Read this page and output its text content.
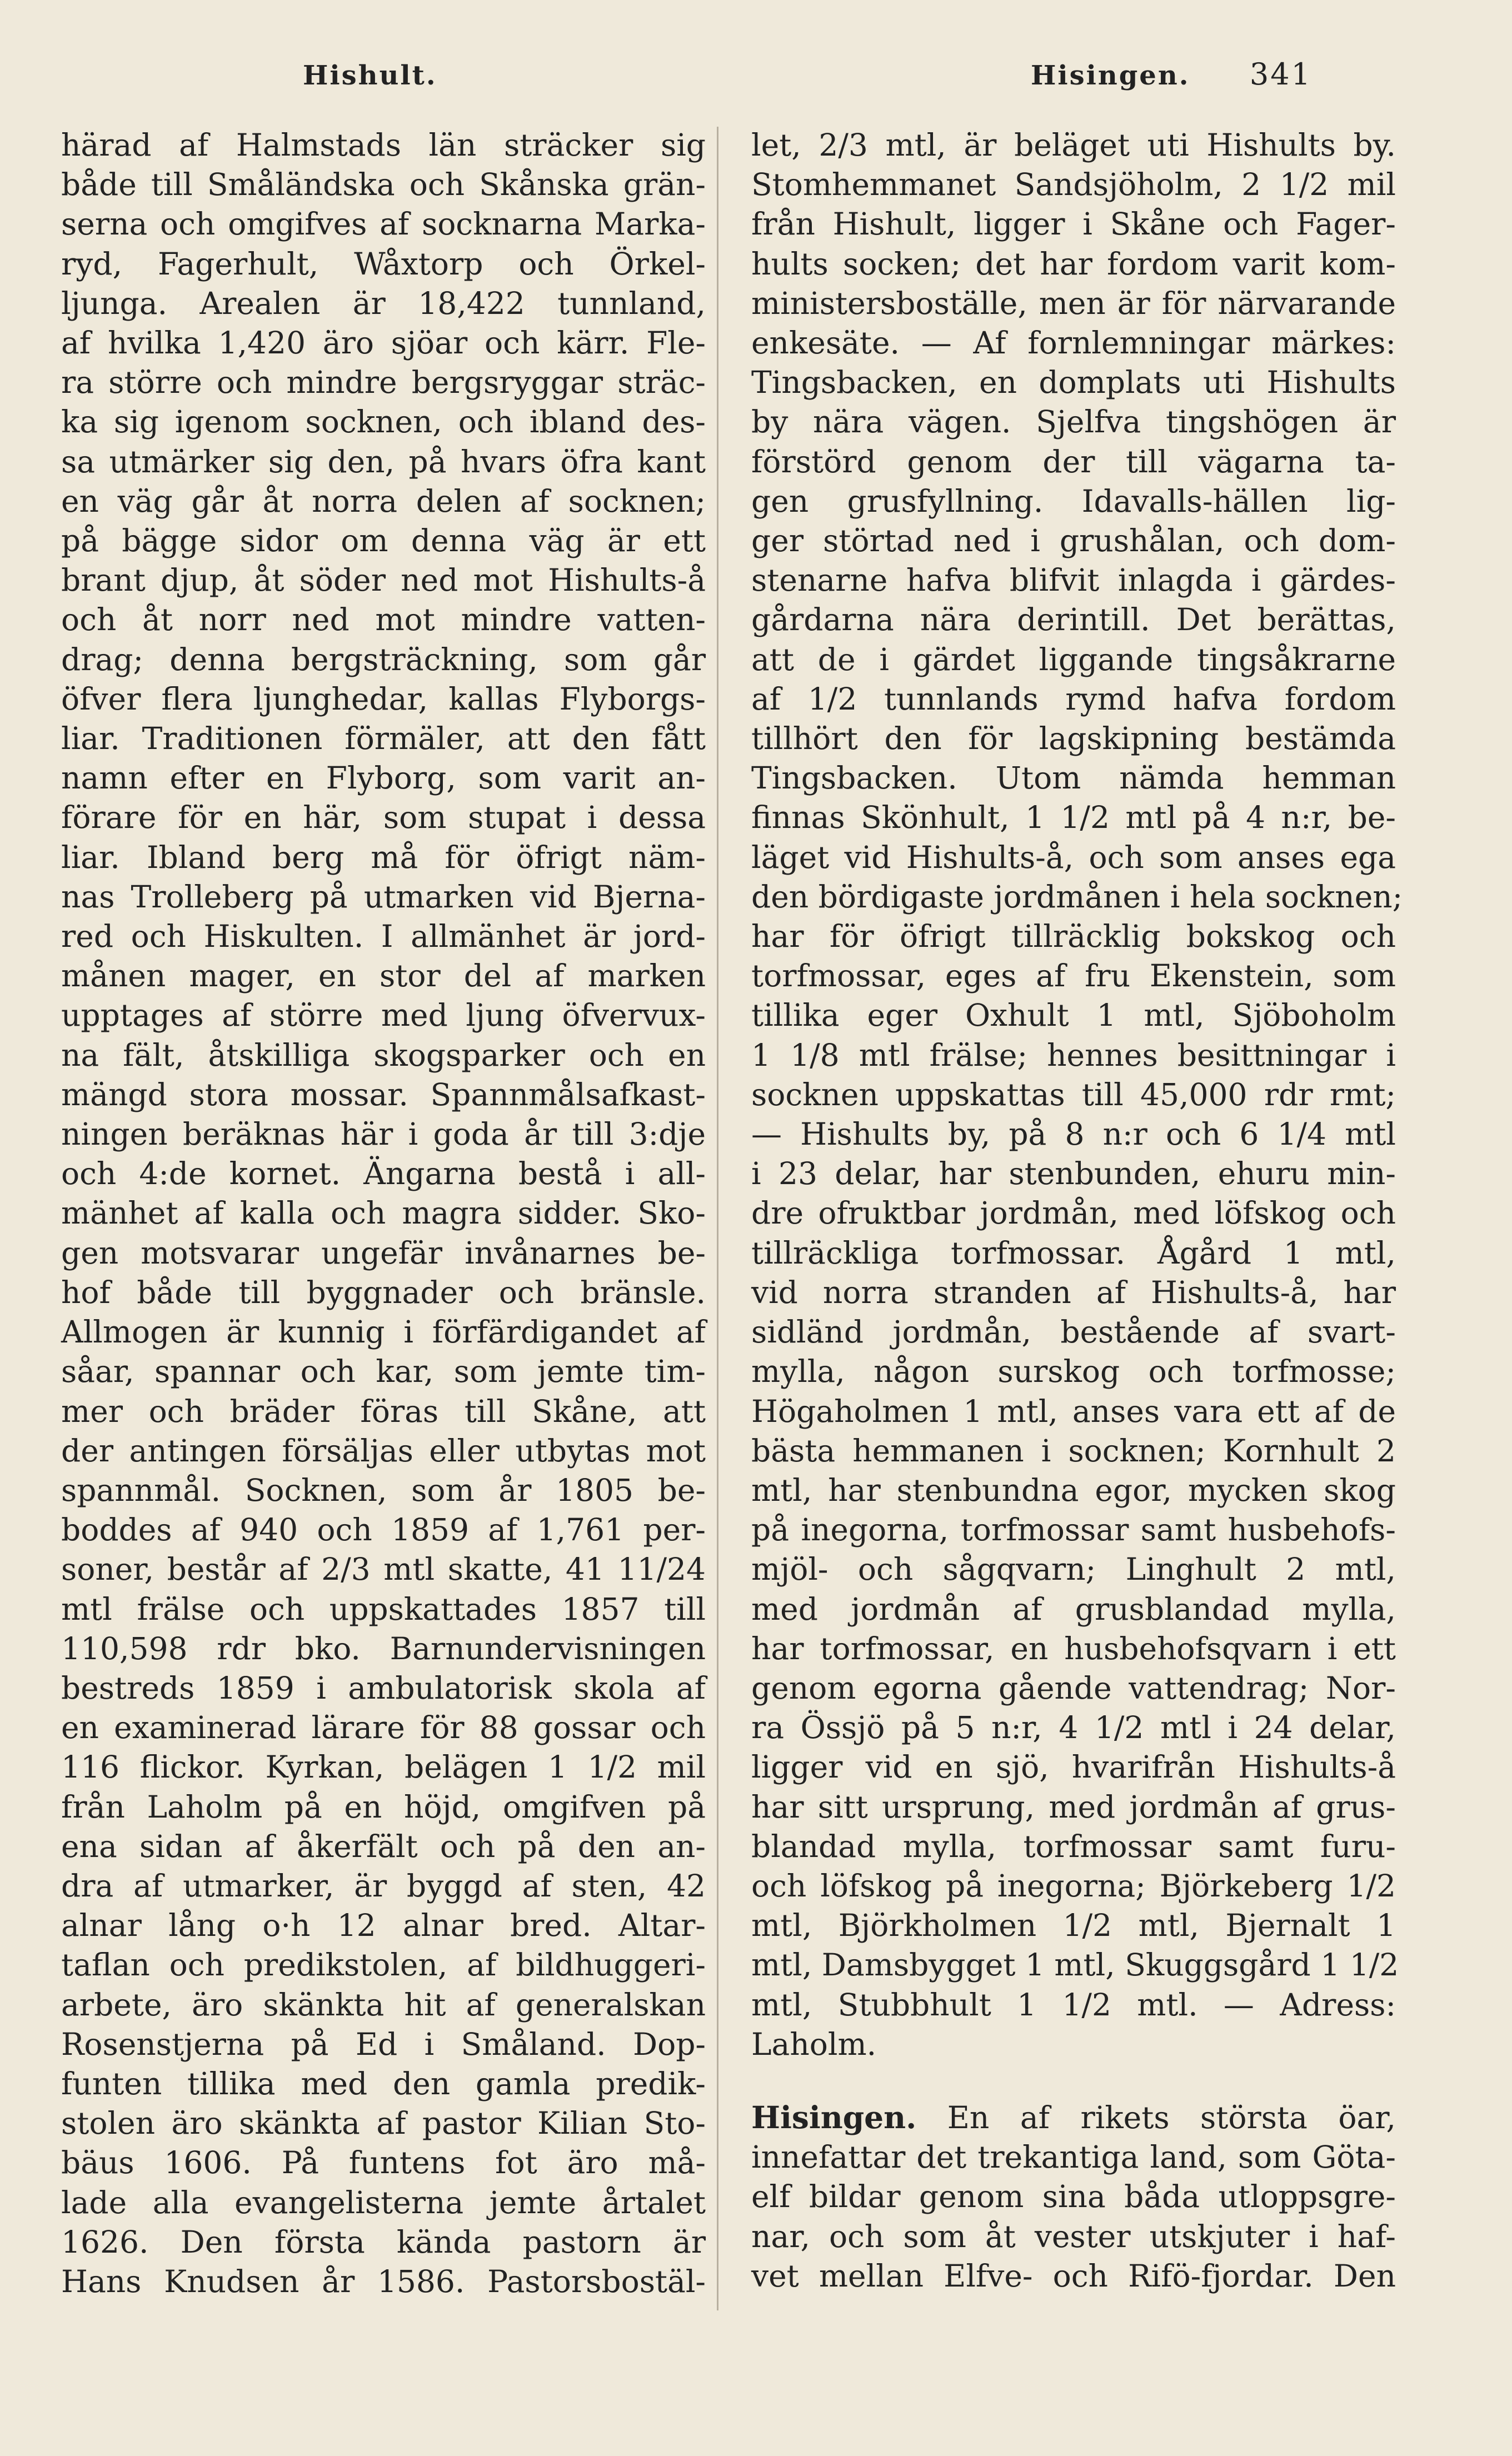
Hishult.	Hisingen. 341

härad af Halmstads län sträcker sig

både till Småländska och Skånska grän-

serna och omgifves af socknarna Marka-

ryd, Fagerhult, Wåxtorp och Örkel-

ljunga. Arealen är 18,422 tunnland,

af hvilka 1,420 äro sjöar och kärr. Fle-

ra större och mindre bergsryggar sträc-

ka sig igenom socknen, och ibland des-

sa utmärker sig den, på hvars öfra kant

en väg går åt norra delen af socknen;

på bägge sidor om denna väg är ett

brant djup, åt söder ned mot Hishults-å

och åt norr ned mot mindre vatten-

drag; denna bergsträckning, som går

öfver flera ljunghedar, kallas Flyborgs-

liar. Traditionen förmäler, att den fått

namn efter en Flyborg, som varit an-

förare för en här, som stupat i dessa

liar. Ibland berg må för öfrigt näm-

nas Trolleberg på utmarken vid Bjerna-

red och Hiskulten. I allmänhet är jord-

månen mager, en stor del af marken

upptages af större med ljung öfvervux-

na fält, åtskilliga skogsparker och en

mängd stora mossar. Spannmålsafkast-

ningen beräknas här i goda år till 3:dje

och 4:de kornet. Ängarna bestå i all-

mänhet af kalla och magra sidder. Sko-

gen motsvarar ungefär invånarnes be-

hof både till byggnader och bränsle.

Allmogen är kunnig i förfärdigandet af

såar, spannar och kar, som jemte tim-

mer och bräder föras till Skåne, att

der antingen försäljas eller utbytas mot

spannmål. Socknen, som år 1805 be-

boddes af 940 och 1859 af 1,761 per-

soner, består af 2/3 mtl skatte, 41 11/24

mtl frälse och uppskattades 1857 till

110,598 rdr bko. Barnundervisningen

bestreds 1859 i ambulatorisk skola af

en examinerad lärare för 88 gossar och

116 flickor. Kyrkan, belägen 1 1/2 mil

från Laholm på en höjd, omgifven på

ena sidan af åkerfält och på den an-

dra af utmarker, är byggd af sten, 42

alnar lång o·h 12 alnar bred. Altar-

taflan och predikstolen, af bildhuggeri-

arbete, äro skänkta hit af generalskan

Rosenstjerna på Ed i Småland. Dop-

funten tillika med den gamla predik-

stolen äro skänkta af pastor Kilian Sto-

bäus 1606. På funtens fot äro må-

lade alla evangelisterna jemte årtalet

1626. Den första kända pastorn är

Hans Knudsen år 1586. Pastorsbostäl-

let, 2/3 mtl, är beläget uti Hishults by.

Stomhemmanet Sandsjöholm, 2 1/2 mil

från Hishult, ligger i Skåne och Fager-

hults socken; det har fordom varit kom-

ministersboställe, men är för närvarande

enkesäte. — Af fornlemningar märkes:

Tingsbacken, en domplats uti Hishults

by nära vägen. Sjelfva tingshögen är

förstörd genom der till vägarna ta-

gen grusfyllning. Idavalls-hällen lig-

ger störtad ned i grushålan, och dom-

stenarne hafva blifvit inlagda i gärdes-

gårdarna nära derintill. Det berättas,

att de i gärdet liggande tingsåkrarne

af 1/2 tunnlands rymd hafva fordom

tillhört den för lagskipning bestämda

Tingsbacken. Utom nämda hemman

finnas Skönhult, 1 1/2 mtl på 4 n:r, be-

läget vid Hishults-å, och som anses ega

den bördigaste jordmånen i hela socknen;

har för öfrigt tillräcklig bokskog och

torfmossar, eges af fru Ekenstein, som

tillika eger Oxhult 1 mtl, Sjöboholm

1 1/8 mtl frälse; hennes besittningar i

socknen uppskattas till 45,000 rdr rmt;

— Hishults by, på 8 n:r och 6 1/4 mtl

i 23 delar, har stenbunden, ehuru min-

dre ofruktbar jordmån, med löfskog och

tillräckliga torfmossar. Ågård 1 mtl,

vid norra stranden af Hishults-å, har

sidländ jordmån, bestående af svart-

mylla, någon surskog och torfmosse;

Högaholmen 1 mtl, anses vara ett af de

bästa hemmanen i socknen; Kornhult 2

mtl, har stenbundna egor, mycken skog

på inegorna, torfmossar samt husbehofs-

mjöl- och sågqvarn; Linghult 2 mtl,

med jordmån af grusblandad mylla,

har torfmossar, en husbehofsqvarn i ett

genom egorna gående vattendrag; Nor-

ra Össjö på 5 n:r, 4 1/2 mtl i 24 delar,

ligger vid en sjö, hvarifrån Hishults-å

har sitt ursprung, med jordmån af grus-

blandad mylla, torfmossar samt furu-

och löfskog på inegorna; Björkeberg 1/2

mtl, Björkholmen 1/2 mtl, Bjernalt 1

mtl, Damsbygget 1 mtl, Skuggsgård 1 1/2

mtl, Stubbhult 1 1/2 mtl. — Adress:

Laholm.

Hisingen. En af rikets största öar,

innefattar det trekantiga land, som Göta-

elf bildar genom sina båda utloppsgre-

nar, och som åt vester utskjuter i haf-

vet mellan Elfve- och Rifö-fjordar. Den
